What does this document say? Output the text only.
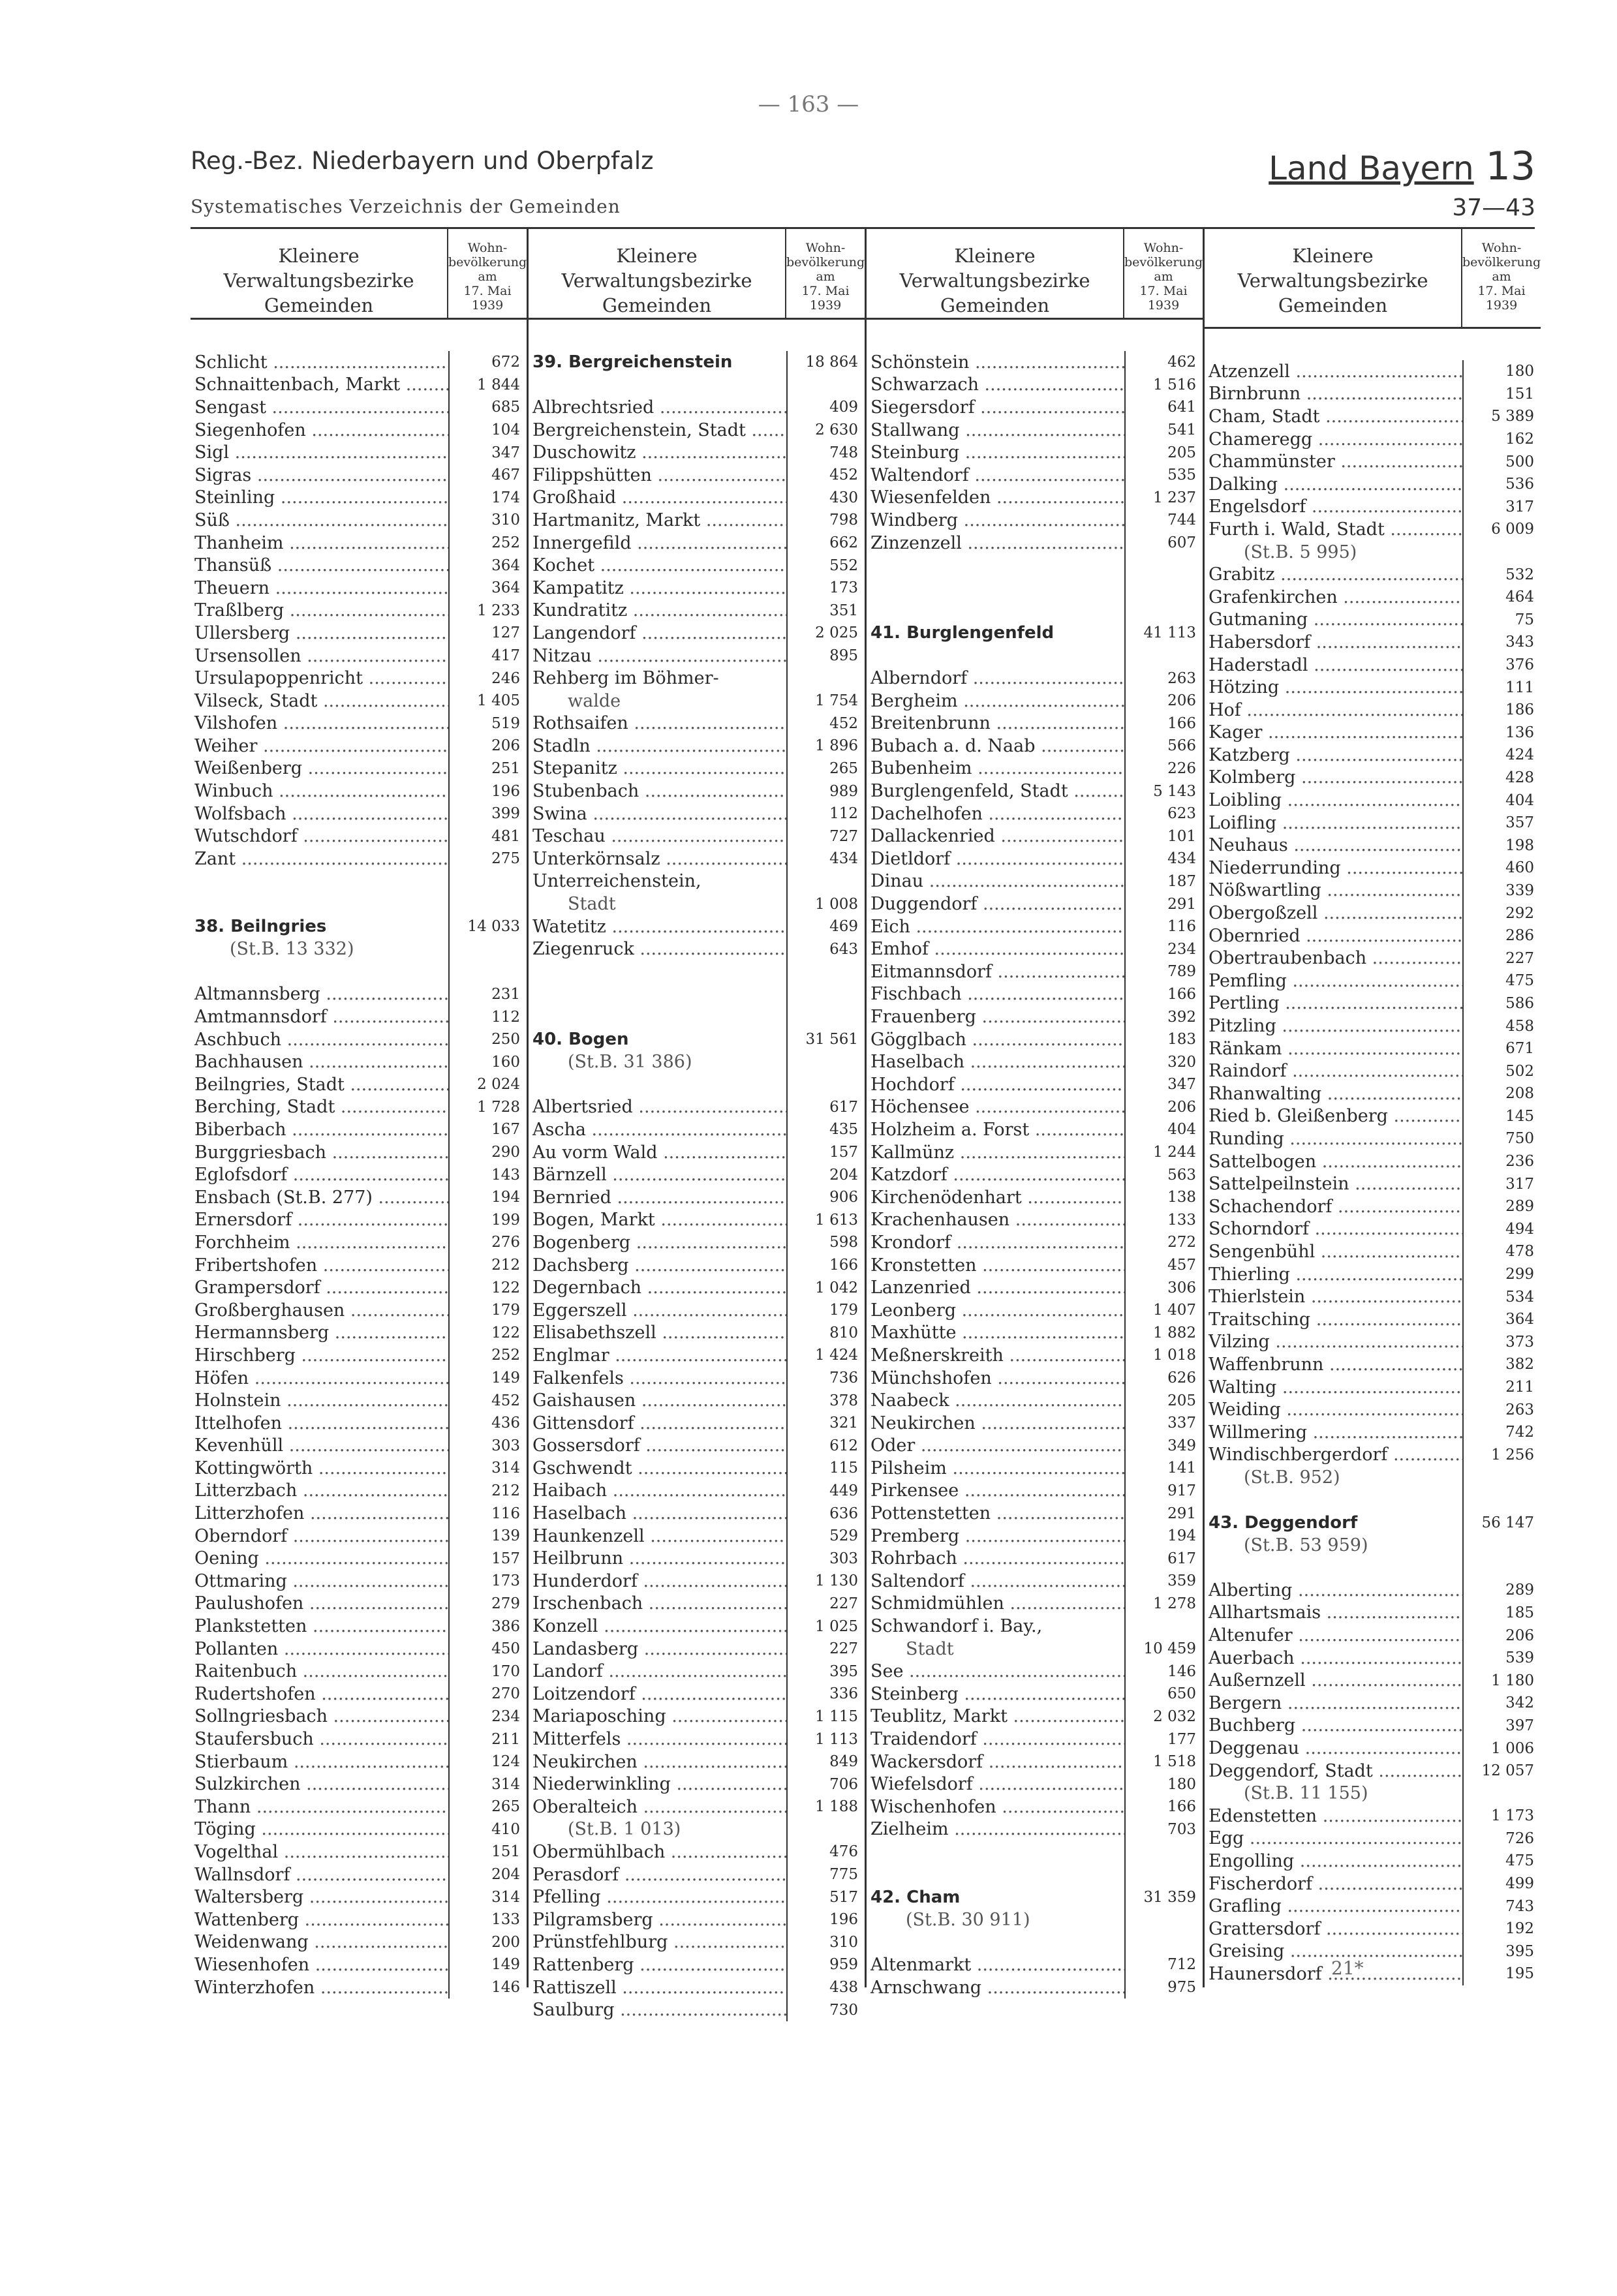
— 163 —
Reg.-Bez. Niederbayern und Oberpfalz
Systematisches Verzeichnis der Gemeinden
Land Bayern 13
37—43
Kleinere
Verwaltungsbezirke
Gemeinden
Wohn-
bevölkerung
am
17. Mai 1939
Schlicht .....	672
Schnaittenbach, Markt .....	1 844
Sengast .....	685
Siegenhofen .....	104
Sigl .....	347
Sigras .....	467
Steinling .....	174
Süß .....	310
Thanheim .....	252
Thansüß .....	364
Theuern .....	364
Traßlberg .....	1 233
Ullersberg .....	127
Ursensollen .....	417
Ursulapoppenricht .....	246
Vilseck, Stadt .....	1 405
Vilshofen .....	519
Weiher .....	206
Weißenberg .....	251
Winbuch .....	196
Wolfsbach .....	399
Wutschdorf .....	481
Zant .....	275
38. Beilngries	14 033
(St.B. 13 332)
Altmannsberg .....	231
Amtmannsdorf .....	112
Aschbuch .....	250
Bachhausen .....	160
Beilngries, Stadt .....	2 024
Berching, Stadt .....	1 728
Biberbach .....	167
Burggriesbach .....	290
Eglofsdorf .....	143
Ensbach (St.B. 277) .....	194
Ernersdorf .....	199
Forchheim .....	276
Fribertshofen .....	212
Grampersdorf .....	122
Großberghausen .....	179
Hermannsberg .....	122
Hirschberg .....	252
Höfen .....	149
Holnstein .....	452
Ittelhofen .....	436
Kevenhüll .....	303
Kottingwörth .....	314
Litterzbach .....	212
Litterzhofen .....	116
Oberndorf .....	139
Oening .....	157
Ottmaring .....	173
Paulushofen .....	279
Plankstetten .....	386
Pollanten .....	450
Raitenbuch .....	170
Rudertshofen .....	270
Sollngriesbach .....	234
Staufersbuch .....	211
Stierbaum .....	124
Sulzkirchen .....	314
Thann .....	265
Töging .....	410
Vogelthal .....	151
Wallnsdorf .....	204
Waltersberg .....	314
Wattenberg .....	133
Weidenwang .....	200
Wiesenhofen .....	149
Winterzhofen .....	146
Kleinere
Verwaltungsbezirke
Gemeinden
Wohn-
bevölkerung
am
17. Mai 1939
39. Bergreichenstein	18 864
Albrechtsried .....	409
Bergreichenstein, Stadt .....	2 630
Duschowitz .....	748
Filippshütten .....	452
Großhaid .....	430
Hartmanitz, Markt .....	798
Innergefild .....	662
Kochet .....	552
Kampatitz .....	173
Kundratitz .....	351
Langendorf .....	2 025
Nitzau .....	895
Rehberg im Böhmer-
walde	1 754
Rothsaifen .....	452
Stadln .....	1 896
Stepanitz .....	265
Stubenbach .....	989
Swina .....	112
Teschau .....	727
Unterkörnsalz .....	434
Unterreichenstein,
Stadt	1 008
Watetitz .....	469
Ziegenruck .....	643
40. Bogen	31 561
(St.B. 31 386)
Albertsried .....	617
Ascha .....	435
Au vorm Wald .....	157
Bärnzell .....	204
Bernried .....	906
Bogen, Markt .....	1 613
Bogenberg .....	598
Dachsberg .....	166
Degernbach .....	1 042
Eggerszell .....	179
Elisabethszell .....	810
Englmar .....	1 424
Falkenfels .....	736
Gaishausen .....	378
Gittensdorf .....	321
Gossersdorf .....	612
Gschwendt .....	115
Haibach .....	449
Haselbach .....	636
Haunkenzell .....	529
Heilbrunn .....	303
Hunderdorf .....	1 130
Irschenbach .....	227
Konzell .....	1 025
Landasberg .....	227
Landorf .....	395
Loitzendorf .....	336
Mariaposching .....	1 115
Mitterfels .....	1 113
Neukirchen .....	849
Niederwinkling .....	706
Oberalteich .....	1 188
(St.B. 1 013)
Obermühlbach .....	476
Perasdorf .....	775
Pfelling .....	517
Pilgramsberg .....	196
Prünstfehlburg .....	310
Rattenberg .....	959
Rattiszell .....	438
Saulburg .....	730
Kleinere
Verwaltungsbezirke
Gemeinden
Wohn-
bevölkerung
am
17. Mai 1939
Schönstein .....	462
Schwarzach .....	1 516
Siegersdorf .....	641
Stallwang .....	541
Steinburg .....	205
Waltendorf .....	535
Wiesenfelden .....	1 237
Windberg .....	744
Zinzenzell .....	607
41. Burglengenfeld	41 113
Alberndorf .....	263
Bergheim .....	206
Breitenbrunn .....	166
Bubach a. d. Naab .....	566
Bubenheim .....	226
Burglengenfeld, Stadt .....	5 143
Dachelhofen .....	623
Dallackenried .....	101
Dietldorf .....	434
Dinau .....	187
Duggendorf .....	291
Eich .....	116
Emhof .....	234
Eitmannsdorf .....	789
Fischbach .....	166
Frauenberg .....	392
Gögglbach .....	183
Haselbach .....	320
Hochdorf .....	347
Höchensee .....	206
Holzheim a. Forst .....	404
Kallmünz .....	1 244
Katzdorf .....	563
Kirchenödenhart .....	138
Krachenhausen .....	133
Krondorf .....	272
Kronstetten .....	457
Lanzenried .....	306
Leonberg .....	1 407
Maxhütte .....	1 882
Meßnerskreith .....	1 018
Münchshofen .....	626
Naabeck .....	205
Neukirchen .....	337
Oder .....	349
Pilsheim .....	141
Pirkensee .....	917
Pottenstetten .....	291
Premberg .....	194
Rohrbach .....	617
Saltendorf .....	359
Schmidmühlen .....	1 278
Schwandorf i. Bay.,
Stadt	10 459
See .....	146
Steinberg .....	650
Teublitz, Markt .....	2 032
Traidendorf .....	177
Wackersdorf .....	1 518
Wiefelsdorf .....	180
Wischenhofen .....	166
Zielheim .....	703
42. Cham	31 359
(St.B. 30 911)
Altenmarkt .....	712
Arnschwang .....	975
Kleinere
Verwaltungsbezirke
Gemeinden
Wohn-
bevölkerung
am
17. Mai 1939
Atzenzell .....	180
Birnbrunn .....	151
Cham, Stadt .....	5 389
Chameregg .....	162
Chammünster .....	500
Dalking .....	536
Engelsdorf .....	317
Furth i. Wald, Stadt .....	6 009
(St.B. 5 995)
Grabitz .....	532
Grafenkirchen .....	464
Gutmaning .....	75
Habersdorf .....	343
Haderstadl .....	376
Hötzing .....	111
Hof .....	186
Kager .....	136
Katzberg .....	424
Kolmberg .....	428
Loibling .....	404
Loifling .....	357
Neuhaus .....	198
Niederrunding .....	460
Nößwartling .....	339
Obergoßzell .....	292
Obernried .....	286
Obertraubenbach .....	227
Pemfling .....	475
Pertling .....	586
Pitzling .....	458
Ränkam .....	671
Raindorf .....	502
Rhanwalting .....	208
Ried b. Gleißenberg .....	145
Runding .....	750
Sattelbogen .....	236
Sattelpeilnstein .....	317
Schachendorf .....	289
Schorndorf .....	494
Sengenbühl .....	478
Thierling .....	299
Thierlstein .....	534
Traitsching .....	364
Vilzing .....	373
Waffenbrunn .....	382
Walting .....	211
Weiding .....	263
Willmering .....	742
Windischbergerdorf .....	1 256
(St.B. 952)
43. Deggendorf	56 147
(St.B. 53 959)
Alberting .....	289
Allhartsmais .....	185
Altenufer .....	206
Auerbach .....	539
Außernzell .....	1 180
Bergern .....	342
Buchberg .....	397
Deggenau .....	1 006
Deggendorf, Stadt .....	12 057
(St.B. 11 155)
Edenstetten .....	1 173
Egg .....	726
Engolling .....	475
Fischerdorf .....	499
Grafling .....	743
Grattersdorf .....	192
Greising .....	395
Haunersdorf .....	195
21*
